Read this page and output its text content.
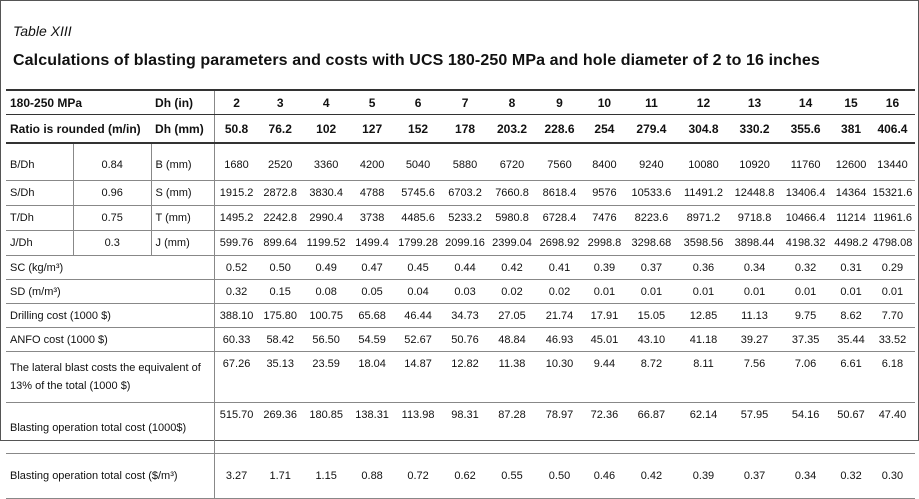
Table XIII
Calculations of blasting parameters and costs with UCS 180-250 MPa and hole diameter of 2 to 16 inches
180-250 MPa		Dh (in)	2	3	4	5	6	7	8	9	10	11	12	13	14	15	16
Ratio is rounded (m/in)		Dh (mm)	50.8	76.2	102	127	152	178	203.2	228.6	254	279.4	304.8	330.2	355.6	381	406.4
B/Dh	0.84	B (mm)	1680	2520	3360	4200	5040	5880	6720	7560	8400	9240	10080	10920	11760	12600	13440
S/Dh	0.96	S (mm)	1915.2	2872.8	3830.4	4788	5745.6	6703.2	7660.8	8618.4	9576	10533.6	11491.2	12448.8	13406.4	14364	15321.6
T/Dh	0.75	T (mm)	1495.2	2242.8	2990.4	3738	4485.6	5233.2	5980.8	6728.4	7476	8223.6	8971.2	9718.8	10466.4	11214	11961.6
J/Dh	0.3	J (mm)	599.76	899.64	1199.52	1499.4	1799.28	2099.16	2399.04	2698.92	2998.8	3298.68	3598.56	3898.44	4198.32	4498.2	4798.08
SC (kg/m³)			0.52	0.50	0.49	0.47	0.45	0.44	0.42	0.41	0.39	0.37	0.36	0.34	0.32	0.31	0.29
SD (m/m³)			0.32	0.15	0.08	0.05	0.04	0.03	0.02	0.02	0.01	0.01	0.01	0.01	0.01	0.01	0.01
Drilling cost (1000 $)			388.10	175.80	100.75	65.68	46.44	34.73	27.05	21.74	17.91	15.05	12.85	11.13	9.75	8.62	7.70
ANFO cost (1000 $)			60.33	58.42	56.50	54.59	52.67	50.76	48.84	46.93	45.01	43.10	41.18	39.27	37.35	35.44	33.52
The lateral blast costs the equivalent of 13% of the total (1000 $)			67.26	35.13	23.59	18.04	14.87	12.82	11.38	10.30	9.44	8.72	8.11	7.56	7.06	6.61	6.18
Blasting operation total cost (1000$)			515.70	269.36	180.85	138.31	113.98	98.31	87.28	78.97	72.36	66.87	62.14	57.95	54.16	50.67	47.40
Blasting operation total cost ($/m³)			3.27	1.71	1.15	0.88	0.72	0.62	0.55	0.50	0.46	0.42	0.39	0.37	0.34	0.32	0.30
